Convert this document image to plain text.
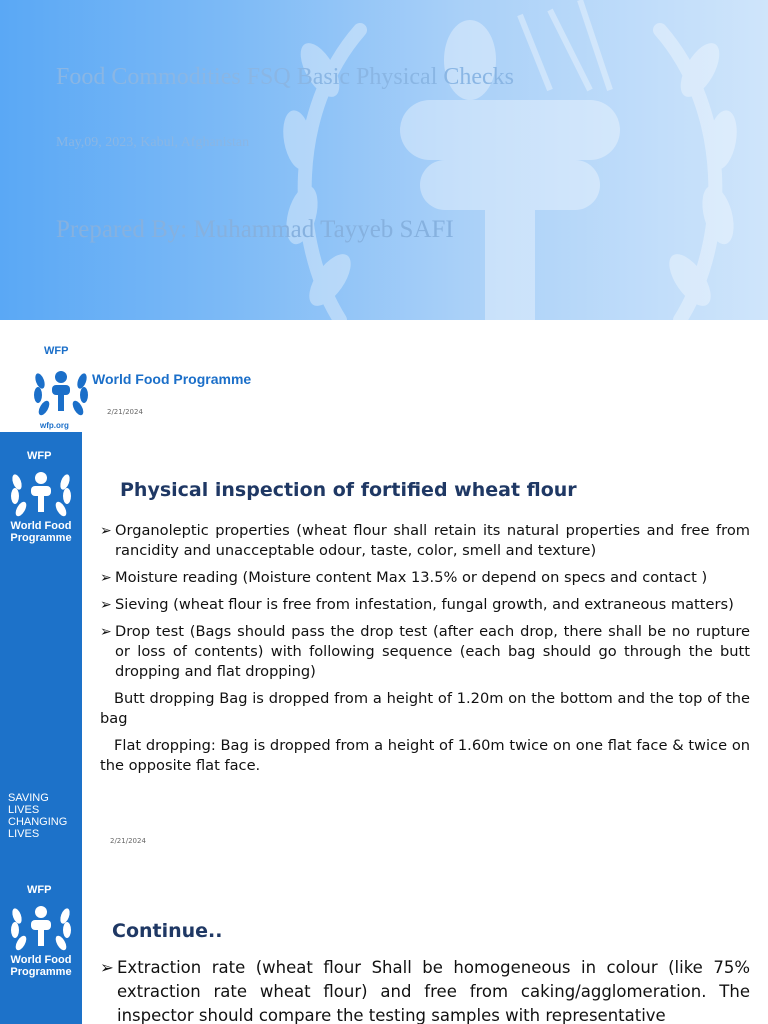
Food Commodities FSQ Basic Physical Checks
May,09, 2023, Kabul, Afghanistan
Prepared By: Muhammad Tayyeb SAFI
WFP
wfp.org
World Food Programme
2/21/2024
WFP
World Food
Programme
SAVING
LIVES
CHANGING
LIVES
Physical inspection of fortified wheat flour
➢ Organoleptic properties (wheat flour shall retain its natural properties and free from rancidity and unacceptable odour, taste, color, smell and texture)
➢ Moisture reading (Moisture content Max 13.5% or depend on specs and contact )
➢ Sieving (wheat flour is free from infestation, fungal growth, and extraneous matters)
➢ Drop test (Bags should pass the drop test (after each drop, there shall be no rupture or loss of contents) with following sequence (each bag should go through the butt dropping and flat dropping)

Butt dropping Bag is dropped from a height of 1.20m on the bottom and the top of the bag

Flat dropping: Bag is dropped from a height of 1.60m twice on one flat face & twice on the opposite flat face.

2/21/2024
WFP
World Food
Programme
Continue..
➢ Extraction rate (wheat flour Shall be homogeneous in colour (like 75% extraction rate wheat flour) and free from caking/agglomeration. The inspector should compare the testing samples with representative
